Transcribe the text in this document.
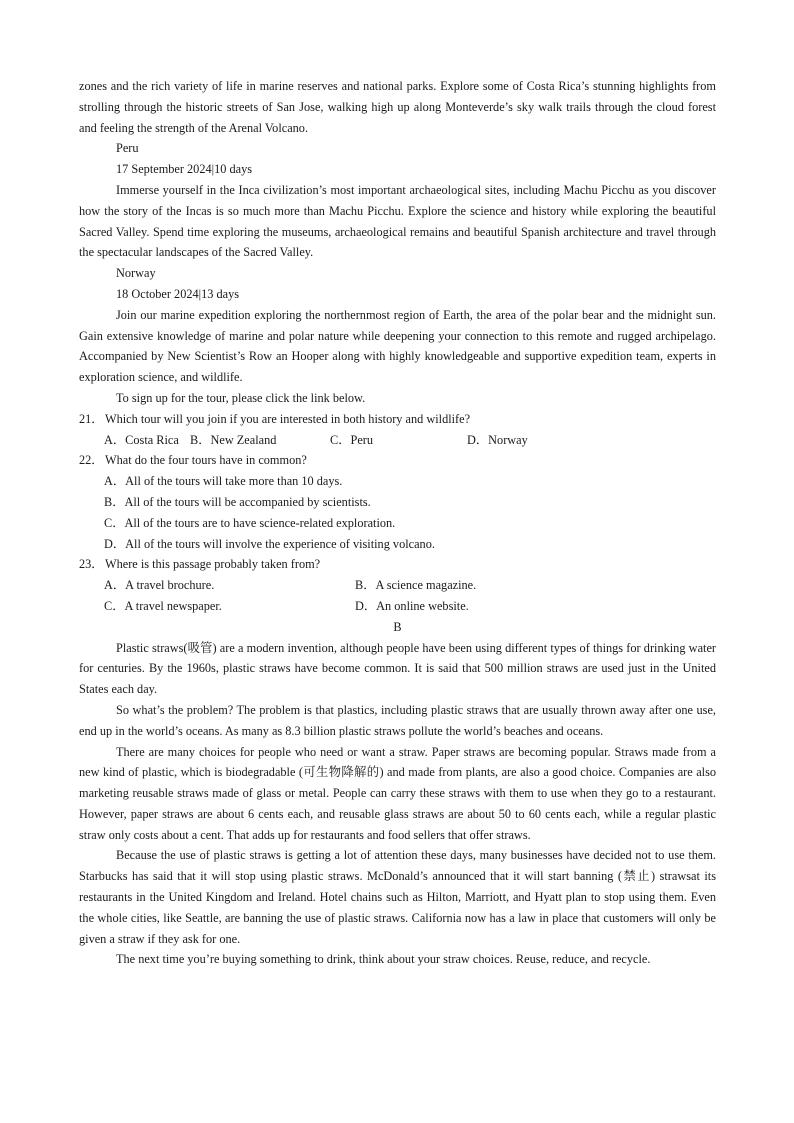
zones and the rich variety of life in marine reserves and national parks. Explore some of Costa Rica’s stunning highlights from strolling through the historic streets of San Jose, walking high up along Monteverde’s sky walk trails through the cloud forest and feeling the strength of the Arenal Volcano.

Peru

17 September 2024|10 days

Immerse yourself in the Inca civilization’s most important archaeological sites, including Machu Picchu as you discover how the story of the Incas is so much more than Machu Picchu. Explore the science and history while exploring the beautiful Sacred Valley. Spend time exploring the museums, archaeological remains and beautiful Spanish architecture and travel through the spectacular landscapes of the Sacred Valley.

Norway

18 October 2024|13 days

Join our marine expedition exploring the northernmost region of Earth, the area of the polar bear and the midnight sun. Gain extensive knowledge of marine and polar nature while deepening your connection to this remote and rugged archipelago. Accompanied by New Scientist’s Row an Hooper along with highly knowledgeable and supportive expedition team, experts in exploration science, and wildlife.

To sign up for the tour, please click the link below.

21．Which tour will you join if you are interested in both history and wildlife?

A．Costa Rica B．New Zealand	C．Peru	D．Norway

22．What do the four tours have in common?

A．All of the tours will take more than 10 days.
B．All of the tours will be accompanied by scientists.
C．All of the tours are to have science-related exploration.
D．All of the tours will involve the experience of visiting volcano.

23．Where is this passage probably taken from?

A．A travel brochure.	B．A science magazine.
C．A travel newspaper.	D．An online website.

B

Plastic straws(吸管) are a modern invention, although people have been using different types of things for drinking water for centuries. By the 1960s, plastic straws have become common. It is said that 500 million straws are used just in the United States each day.

So what’s the problem? The problem is that plastics, including plastic straws that are usually thrown away after one use, end up in the world’s oceans. As many as 8.3 billion plastic straws pollute the world’s beaches and oceans.

There are many choices for people who need or want a straw. Paper straws are becoming popular. Straws made from a new kind of plastic, which is biodegradable (可生物降解的) and made from plants, are also a good choice. Companies are also marketing reusable straws made of glass or metal. People can carry these straws with them to use when they go to a restaurant. However, paper straws are about 6 cents each, and reusable glass straws are about 50 to 60 cents each, while a regular plastic straw only costs about a cent. That adds up for restaurants and food sellers that offer straws.

Because the use of plastic straws is getting a lot of attention these days, many businesses have decided not to use them. Starbucks has said that it will stop using plastic straws. McDonald’s announced that it will start banning (禁止) strawsat its restaurants in the United Kingdom and Ireland. Hotel chains such as Hilton, Marriott, and Hyatt plan to stop using them. Even the whole cities, like Seattle, are banning the use of plastic straws. California now has a law in place that customers will only be given a straw if they ask for one.

The next time you’re buying something to drink, think about your straw choices. Reuse, reduce, and recycle.
